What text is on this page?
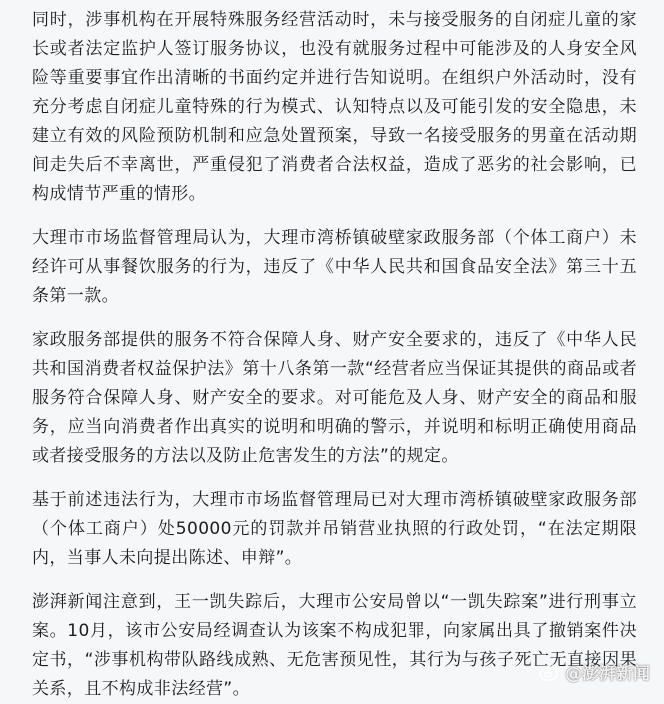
同时，涉事机构在开展特殊服务经营活动时，未与接受服务的自闭症儿童的家长或者法定监护人签订服务协议，也没有就服务过程中可能涉及的人身安全风险等重要事宜作出清晰的书面约定并进行告知说明。在组织户外活动时，没有充分考虑自闭症儿童特殊的行为模式、认知特点以及可能引发的安全隐患，未建立有效的风险预防机制和应急处置预案，导致一名接受服务的男童在活动期间走失后不幸离世，严重侵犯了消费者合法权益，造成了恶劣的社会影响，已构成情节严重的情形。

大理市市场监督管理局认为，大理市湾桥镇破壁家政服务部（个体工商户）未经许可从事餐饮服务的行为，违反了《中华人民共和国食品安全法》第三十五条第一款。

家政服务部提供的服务不符合保障人身、财产安全要求的，违反了《中华人民共和国消费者权益保护法》第十八条第一款“经营者应当保证其提供的商品或者服务符合保障人身、财产安全的要求。对可能危及人身、财产安全的商品和服务，应当向消费者作出真实的说明和明确的警示，并说明和标明正确使用商品或者接受服务的方法以及防止危害发生的方法”的规定。

基于前述违法行为，大理市市场监督管理局已对大理市湾桥镇破壁家政服务部（个体工商户）处50000元的罚款并吊销营业执照的行政处罚，“在法定期限内，当事人未向提出陈述、申辩”。

澎湃新闻注意到，王一凯失踪后，大理市公安局曾以“一凯失踪案”进行刑事立案。10月，该市公安局经调查认为该案不构成犯罪，向家属出具了撤销案件决定书，“涉事机构带队路线成熟、无危害预见性，其行为与孩子死亡无直接因果关系，且不构成非法经营”。

@澎湃新闻
